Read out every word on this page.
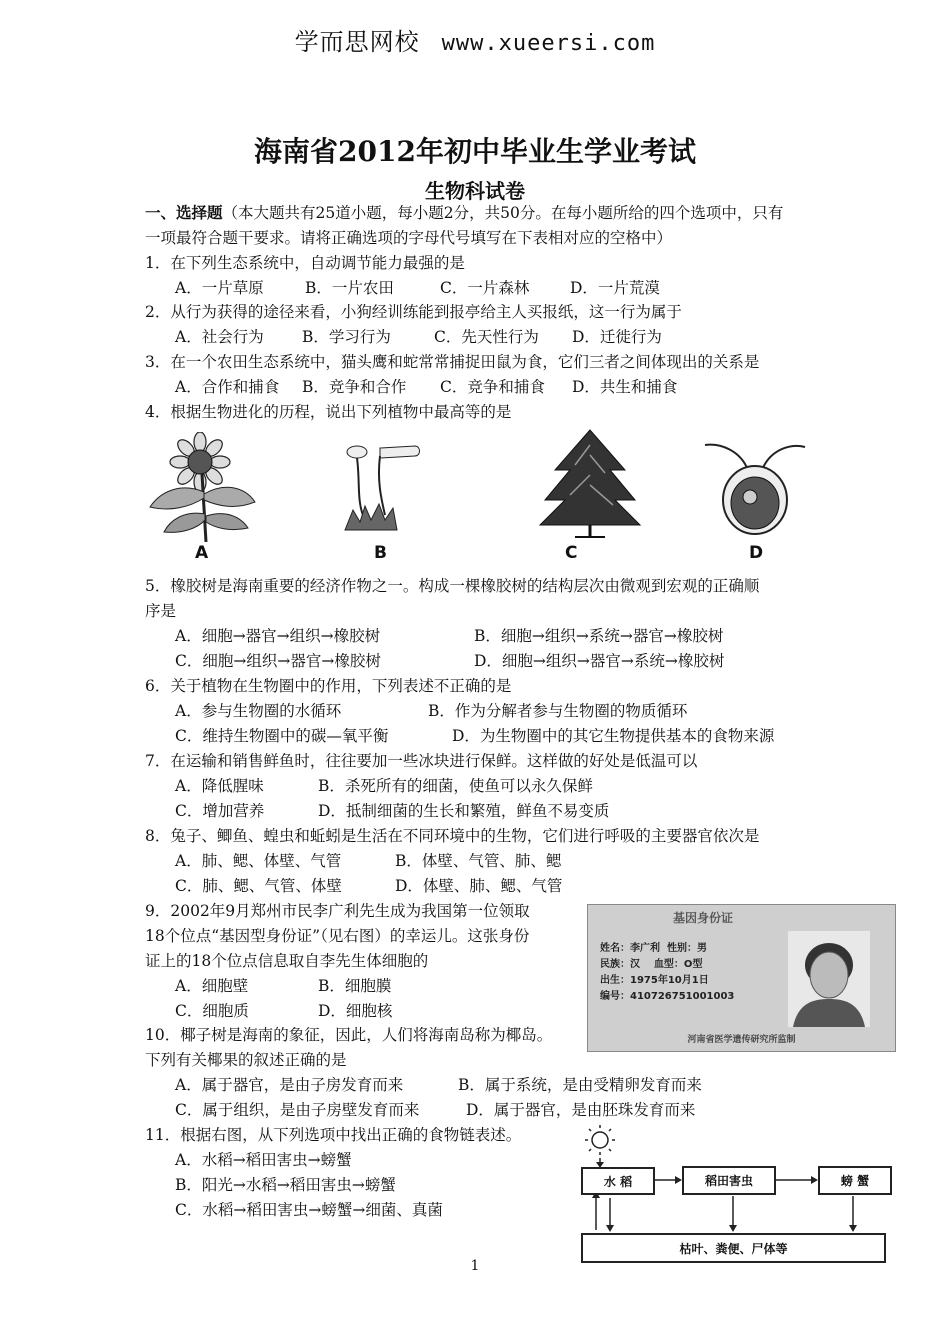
学而思网校 www.xueersi.com
海南省2012年初中毕业生学业考试
生物科试卷
一、选择题（本大题共有25道小题，每小题2分，共50分。在每小题所给的四个选项中，只有
一项最符合题干要求。请将正确选项的字母代号填写在下表相对应的空格中）
1．在下列生态系统中，自动调节能力最强的是
A．一片草原	B．一片农田	C．一片森林	D．一片荒漠
2．从行为获得的途径来看，小狗经训练能到报亭给主人买报纸，这一行为属于
A．社会行为 B．学习行为	C．先天性行为 D．迁徙行为
3．在一个农田生态系统中，猫头鹰和蛇常常捕捉田鼠为食，它们三者之间体现出的关系是
A．合作和捕食 B．竞争和合作 C．竞争和捕食 D．共生和捕食
4．根据生物进化的历程，说出下列植物中最高等的是
A	B	C	D
5．橡胶树是海南重要的经济作物之一。构成一棵橡胶树的结构层次由微观到宏观的正确顺
序是
A．细胞→器官→组织→橡胶树	B．细胞→组织→系统→器官→橡胶树
C．细胞→组织→器官→橡胶树	D．细胞→组织→器官→系统→橡胶树
6．关于植物在生物圈中的作用，下列表述不正确的是
A．参与生物圈的水循环	B．作为分解者参与生物圈的物质循环
C．维持生物圈中的碳—氧平衡	D．为生物圈中的其它生物提供基本的食物来源
7．在运输和销售鲜鱼时，往往要加一些冰块进行保鲜。这样做的好处是低温可以
A．降低腥味	B．杀死所有的细菌，使鱼可以永久保鲜
C．增加营养	D．抵制细菌的生长和繁殖，鲜鱼不易变质
8．兔子、鲫鱼、蝗虫和蚯蚓是生活在不同环境中的生物，它们进行呼吸的主要器官依次是
A．肺、鳃、体壁、气管	B．体壁、气管、肺、鳃
C．肺、鳃、气管、体壁	D．体壁、肺、鳃、气管
9．2002年9月郑州市民李广利先生成为我国第一位领取
18个位点“基因型身份证”（见右图）的幸运儿。这张身份
证上的18个位点信息取自李先生体细胞的
A．细胞壁	B．细胞膜
C．细胞质	D．细胞核
基因身份证
姓名：李广利 性别：男
民族：汉 血型：O型
出生：1975年10月1日
编号：410726751001003
河南省医学遗传研究所监制
10．椰子树是海南的象征，因此，人们将海南岛称为椰岛。
下列有关椰果的叙述正确的是
A．属于器官，是由子房发育而来	B．属于系统，是由受精卵发育而来
C．属于组织，是由子房壁发育而来	D．属于器官，是由胚珠发育而来
11．根据右图，从下列选项中找出正确的食物链表述。
A．水稻→稻田害虫→螃蟹
B．阳光→水稻→稻田害虫→螃蟹
C．水稻→稻田害虫→螃蟹→细菌、真菌
水 稻	稻田害虫	螃 蟹
枯叶、粪便、尸体等
1
